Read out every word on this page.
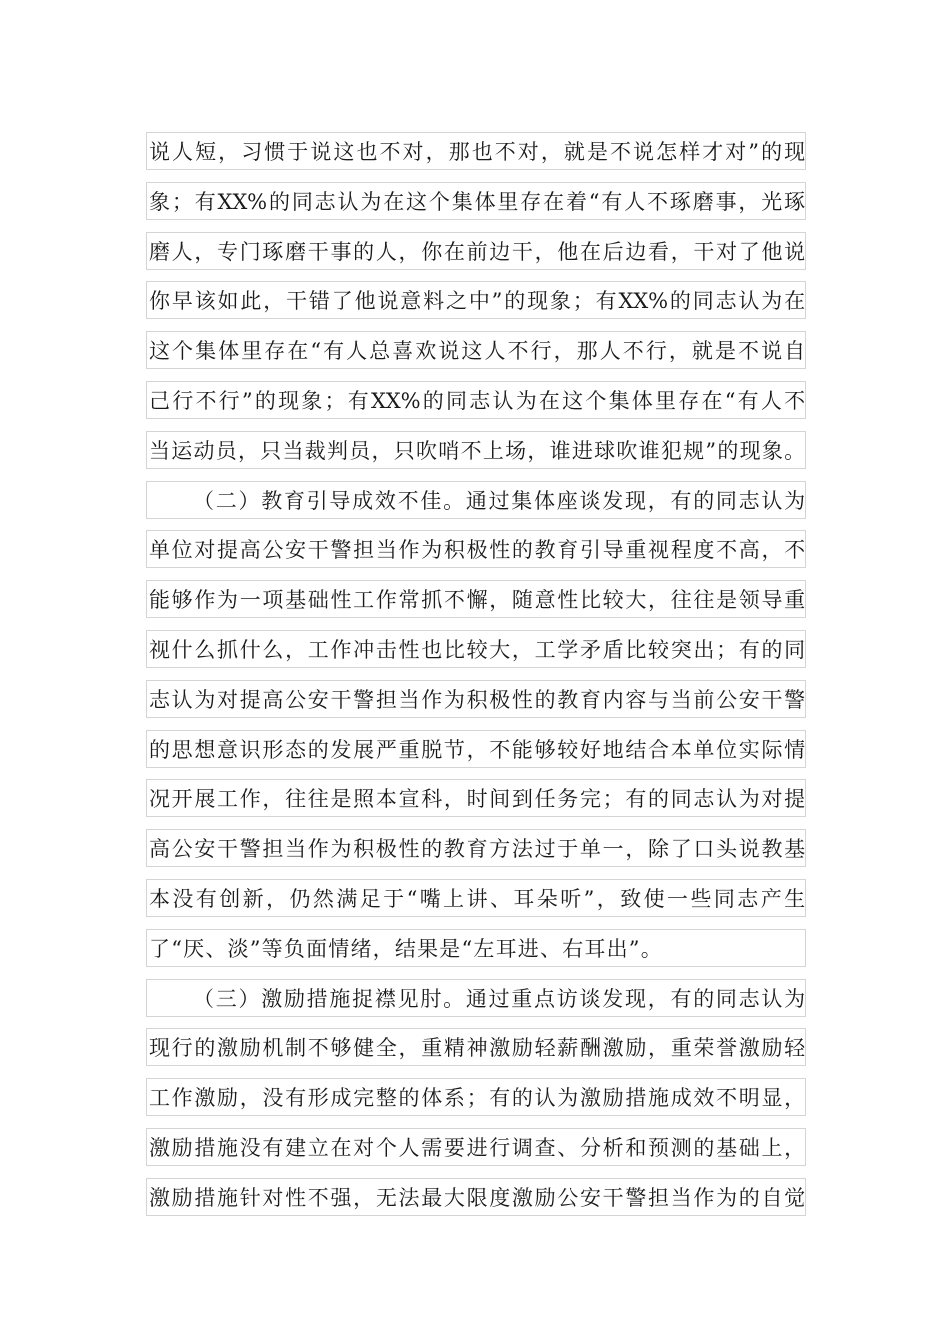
说人短，习惯于说这也不对，那也不对，就是不说怎样才对”的现
象；有XX%的同志认为在这个集体里存在着“有人不琢磨事，光琢
磨人，专门琢磨干事的人，你在前边干，他在后边看，干对了他说
你早该如此，干错了他说意料之中”的现象；有XX%的同志认为在
这个集体里存在“有人总喜欢说这人不行，那人不行，就是不说自
己行不行”的现象；有XX%的同志认为在这个集体里存在“有人不
当运动员，只当裁判员，只吹哨不上场，谁进球吹谁犯规”的现象。
（二）教育引导成效不佳。通过集体座谈发现，有的同志认为
单位对提高公安干警担当作为积极性的教育引导重视程度不高，不
能够作为一项基础性工作常抓不懈，随意性比较大，往往是领导重
视什么抓什么，工作冲击性也比较大，工学矛盾比较突出；有的同
志认为对提高公安干警担当作为积极性的教育内容与当前公安干警
的思想意识形态的发展严重脱节，不能够较好地结合本单位实际情
况开展工作，往往是照本宣科，时间到任务完；有的同志认为对提
高公安干警担当作为积极性的教育方法过于单一，除了口头说教基
本没有创新，仍然满足于“嘴上讲、耳朵听”，致使一些同志产生
了“厌、淡”等负面情绪，结果是“左耳进、右耳出”。
（三）激励措施捉襟见肘。通过重点访谈发现，有的同志认为
现行的激励机制不够健全，重精神激励轻薪酬激励，重荣誉激励轻
工作激励，没有形成完整的体系；有的认为激励措施成效不明显，
激励措施没有建立在对个人需要进行调查、分析和预测的基础上，
激励措施针对性不强，无法最大限度激励公安干警担当作为的自觉
